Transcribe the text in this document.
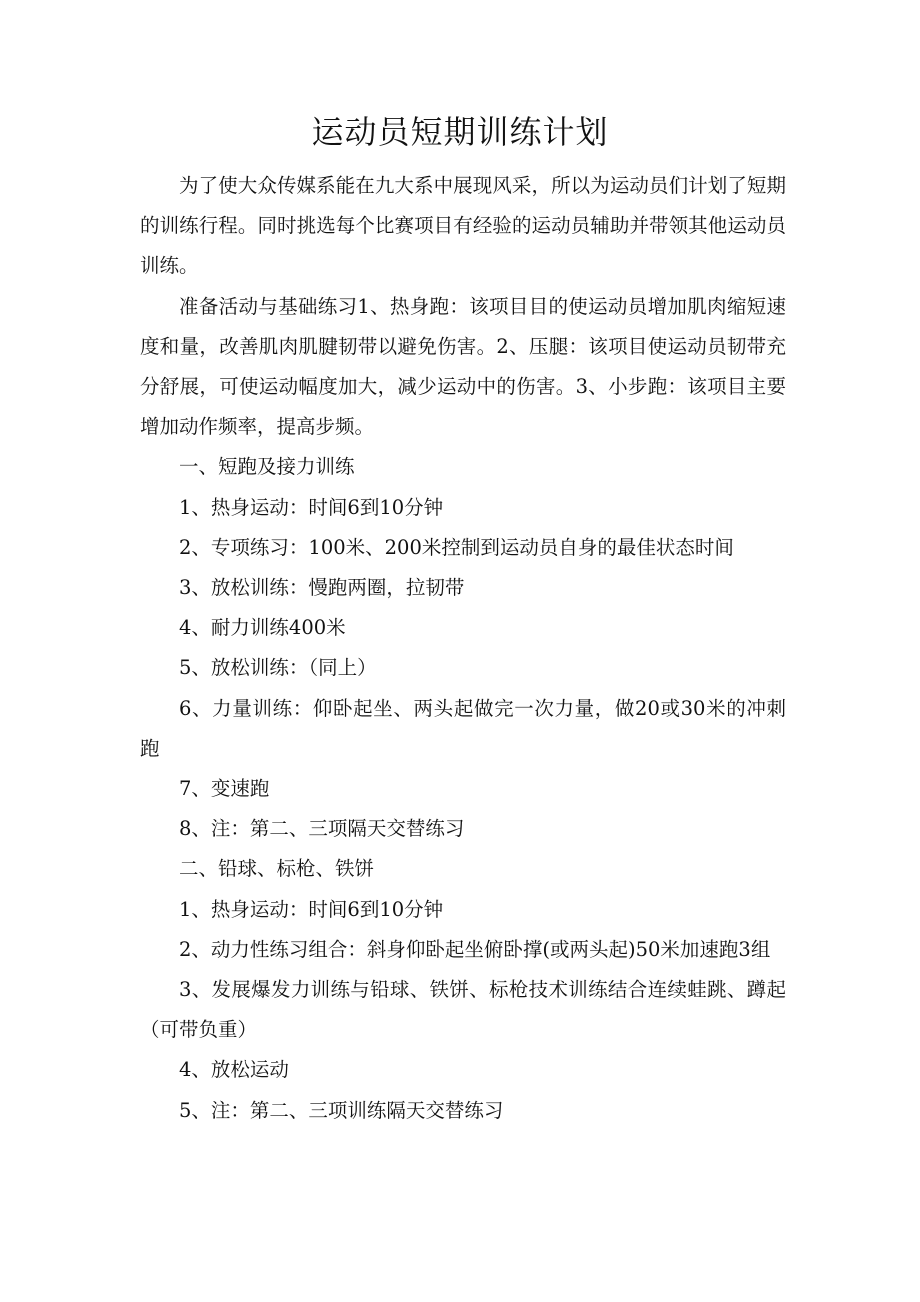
运动员短期训练计划

为了使大众传媒系能在九大系中展现风采，所以为运动员们计划了短期的训练行程。同时挑选每个比赛项目有经验的运动员辅助并带领其他运动员训练。

准备活动与基础练习1、热身跑：该项目目的使运动员增加肌肉缩短速度和量，改善肌肉肌腱韧带以避免伤害。2、压腿：该项目使运动员韧带充分舒展，可使运动幅度加大，减少运动中的伤害。3、小步跑：该项目主要增加动作频率，提高步频。

一、短跑及接力训练

1、热身运动：时间6到10分钟

2、专项练习：100米、200米控制到运动员自身的最佳状态时间

3、放松训练：慢跑两圈，拉韧带

4、耐力训练400米

5、放松训练：（同上）

6、力量训练：仰卧起坐、两头起做完一次力量，做20或30米的冲刺跑

7、变速跑

8、注：第二、三项隔天交替练习

二、铅球、标枪、铁饼

1、热身运动：时间6到10分钟

2、动力性练习组合：斜身仰卧起坐俯卧撑(或两头起)50米加速跑3组

3、发展爆发力训练与铅球、铁饼、标枪技术训练结合连续蛙跳、蹲起（可带负重）

4、放松运动

5、注：第二、三项训练隔天交替练习
